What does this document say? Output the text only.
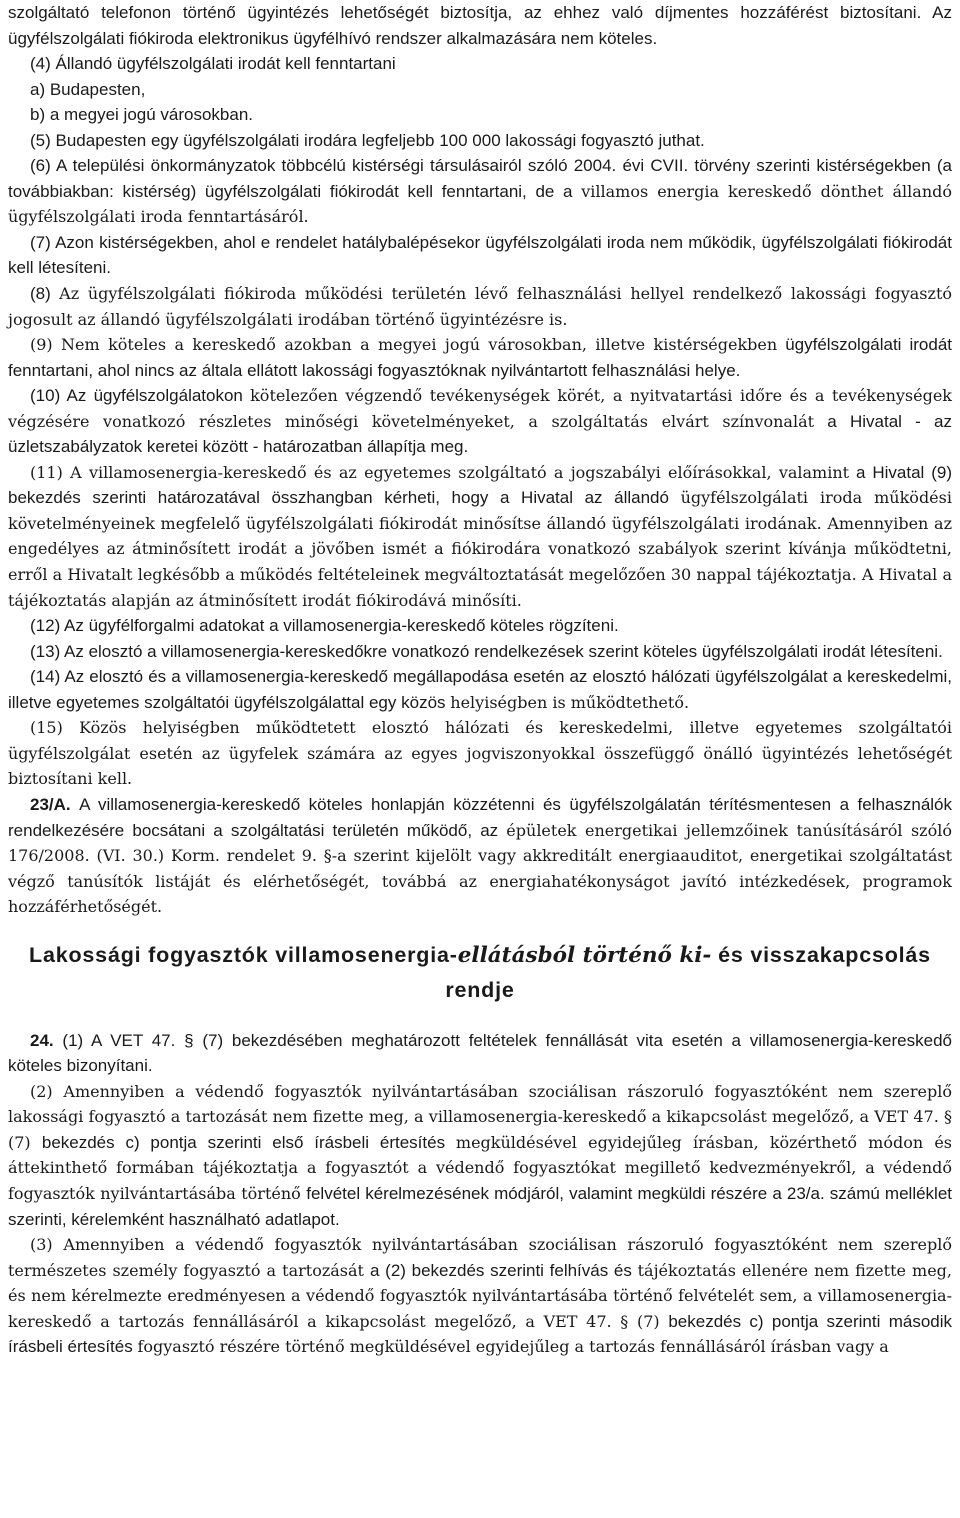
szolgáltató telefonon történő ügyintézés lehetőségét biztosítja, az ehhez való díjmentes hozzáférést biztosítani. Az ügyfélszolgálati fiókiroda elektronikus ügyfélhívó rendszer alkalmazására nem köteles.

(4) Állandó ügyfélszolgálati irodát kell fenntartani

a) Budapesten,

b) a megyei jogú városokban.

(5) Budapesten egy ügyfélszolgálati irodára legfeljebb 100 000 lakossági fogyasztó juthat.

(6) A települési önkormányzatok többcélú kistérségi társulásairól szóló 2004. évi CVII. törvény szerinti kistérségekben (a továbbiakban: kistérség) ügyfélszolgálati fiókirodát kell fenntartani, de a villamos energia kereskedő dönthet állandó ügyfélszolgálati iroda fenntartásáról.

(7) Azon kistérségekben, ahol e rendelet hatálybalépésekor ügyfélszolgálati iroda nem működik, ügyfélszolgálati fiókirodát kell létesíteni.

(8) Az ügyfélszolgálati fiókiroda működési területén lévő felhasználási hellyel rendelkező lakossági fogyasztó jogosult az állandó ügyfélszolgálati irodában történő ügyintézésre is.

(9) Nem köteles a kereskedő azokban a megyei jogú városokban, illetve kistérségekben ügyfélszolgálati irodát fenntartani, ahol nincs az általa ellátott lakossági fogyasztóknak nyilvántartott felhasználási helye.

(10) Az ügyfélszolgálatokon kötelezően végzendő tevékenységek körét, a nyitvatartási időre és a tevékenységek végzésére vonatkozó részletes minőségi követelményeket, a szolgáltatás elvárt színvonalát a Hivatal - az üzletszabályzatok keretei között - határozatban állapítja meg.

(11) A villamosenergia-kereskedő és az egyetemes szolgáltató a jogszabályi előírásokkal, valamint a Hivatal (9) bekezdés szerinti határozatával összhangban kérheti, hogy a Hivatal az állandó ügyfélszolgálati iroda működési követelményeinek megfelelő ügyfélszolgálati fiókirodát minősítse állandó ügyfélszolgálati irodának. Amennyiben az engedélyes az átminősített irodát a jövőben ismét a fiókirodára vonatkozó szabályok szerint kívánja működtetni, erről a Hivatalt legkésőbb a működés feltételeinek megváltoztatását megelőzően 30 nappal tájékoztatja. A Hivatal a tájékoztatás alapján az átminősített irodát fiókirodává minősíti.

(12) Az ügyfélforgalmi adatokat a villamosenergia-kereskedő köteles rögzíteni.

(13) Az elosztó a villamosenergia-kereskedőkre vonatkozó rendelkezések szerint köteles ügyfélszolgálati irodát létesíteni.

(14) Az elosztó és a villamosenergia-kereskedő megállapodása esetén az elosztó hálózati ügyfélszolgálat a kereskedelmi, illetve egyetemes szolgáltatói ügyfélszolgálattal egy közös helyiségben is működtethető.

(15) Közös helyiségben működtetett elosztó hálózati és kereskedelmi, illetve egyetemes szolgáltatói ügyfélszolgálat esetén az ügyfelek számára az egyes jogviszonyokkal összefüggő önálló ügyintézés lehetőségét biztosítani kell.

23/A. A villamosenergia-kereskedő köteles honlapján közzétenni és ügyfélszolgálatán térítésmentesen a felhasználók rendelkezésére bocsátani a szolgáltatási területén működő, az épületek energetikai jellemzőinek tanúsításáról szóló 176/2008. (VI. 30.) Korm. rendelet 9. §-a szerint kijelölt vagy akkreditált energiaauditot, energetikai szolgáltatást végző tanúsítók listáját és elérhetőségét, továbbá az energiahatékonyságot javító intézkedések, programok hozzáférhetőségét.

Lakossági fogyasztók villamosenergia-ellátásból történő ki- és visszakapcsolás rendje

24. (1) A VET 47. § (7) bekezdésében meghatározott feltételek fennállását vita esetén a villamosenergia-kereskedő köteles bizonyítani.

(2) Amennyiben a védendő fogyasztók nyilvántartásában szociálisan rászoruló fogyasztóként nem szereplő lakossági fogyasztó a tartozását nem fizette meg, a villamosenergia-kereskedő a kikapcsolást megelőző, a VET 47. § (7) bekezdés c) pontja szerinti első írásbeli értesítés megküldésével egyidejűleg írásban, közérthető módon és áttekinthető formában tájékoztatja a fogyasztót a védendő fogyasztókat megillető kedvezményekről, a védendő fogyasztók nyilvántartásába történő felvétel kérelmezésének módjáról, valamint megküldi részére a 23/a. számú melléklet szerinti, kérelemként használható adatlapot.

(3) Amennyiben a védendő fogyasztók nyilvántartásában szociálisan rászoruló fogyasztóként nem szereplő természetes személy fogyasztó a tartozását a (2) bekezdés szerinti felhívás és tájékoztatás ellenére nem fizette meg, és nem kérelmezte eredményesen a védendő fogyasztók nyilvántartásába történő felvételét sem, a villamosenergia-kereskedő a tartozás fennállásáról a kikapcsolást megelőző, a VET 47. § (7) bekezdés c) pontja szerinti második írásbeli értesítés fogyasztó részére történő megküldésével egyidejűleg a tartozás fennállásáról írásban vagy a
